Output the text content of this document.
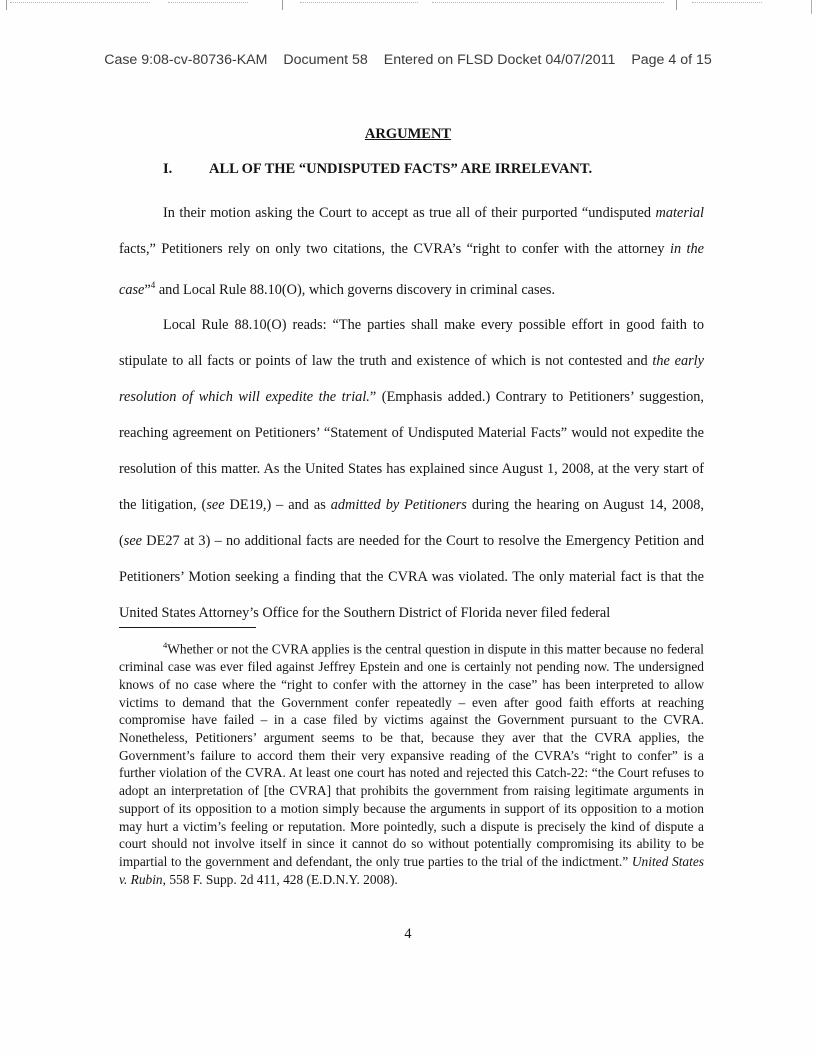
Case 9:08-cv-80736-KAM Document 58 Entered on FLSD Docket 04/07/2011 Page 4 of 15
ARGUMENT
I.	ALL OF THE “UNDISPUTED FACTS” ARE IRRELEVANT.

In their motion asking the Court to accept as true all of their purported “undisputed material facts,” Petitioners rely on only two citations, the CVRA’s “right to confer with the attorney in the case”$^4$ and Local Rule 88.10(O), which governs discovery in criminal cases.

Local Rule 88.10(O) reads: “The parties shall make every possible effort in good faith to stipulate to all facts or points of law the truth and existence of which is not contested and the early resolution of which will expedite the trial.” (Emphasis added.) Contrary to Petitioners’ suggestion, reaching agreement on Petitioners’ “Statement of Undisputed Material Facts” would not expedite the resolution of this matter. As the United States has explained since August 1, 2008, at the very start of the litigation, (see DE19,) – and as admitted by Petitioners during the hearing on August 14, 2008, (see DE27 at 3) – no additional facts are needed for the Court to resolve the Emergency Petition and Petitioners’ Motion seeking a finding that the CVRA was violated. The only material fact is that the United States Attorney’s Office for the Southern District of Florida never filed federal

$^4$Whether or not the CVRA applies is the central question in dispute in this matter because no federal criminal case was ever filed against Jeffrey Epstein and one is certainly not pending now. The undersigned knows of no case where the “right to confer with the attorney in the case” has been interpreted to allow victims to demand that the Government confer repeatedly – even after good faith efforts at reaching compromise have failed – in a case filed by victims against the Government pursuant to the CVRA. Nonetheless, Petitioners’ argument seems to be that, because they aver that the CVRA applies, the Government’s failure to accord them their very expansive reading of the CVRA’s “right to confer” is a further violation of the CVRA. At least one court has noted and rejected this Catch-22: “the Court refuses to adopt an interpretation of [the CVRA] that prohibits the government from raising legitimate arguments in support of its opposition to a motion simply because the arguments in support of its opposition to a motion may hurt a victim’s feeling or reputation. More pointedly, such a dispute is precisely the kind of dispute a court should not involve itself in since it cannot do so without potentially compromising its ability to be impartial to the government and defendant, the only true parties to the trial of the indictment.” United States v. Rubin, 558 F. Supp. 2d 411, 428 (E.D.N.Y. 2008).

4
